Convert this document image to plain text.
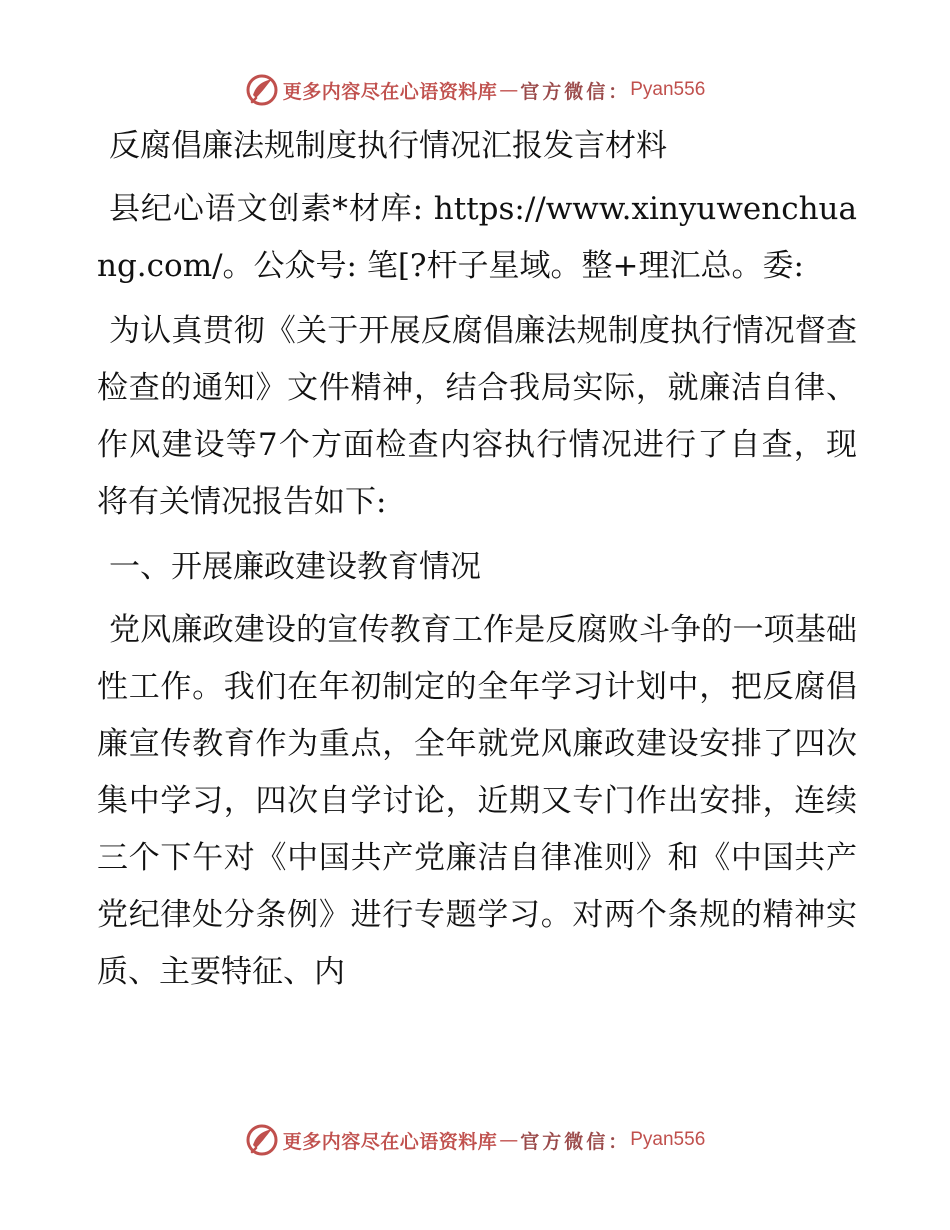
更多内容尽在心语资料库 — 官方微信： Pyan556

反腐倡廉法规制度执行情况汇报发言材料

县纪心语文创素*材库: https://www.xinyuwenchuang.com/。公众号: 笔[?杆子星域。整+理汇总。委:

为认真贯彻《关于开展反腐倡廉法规制度执行情况督查检查的通知》文件精神，结合我局实际，就廉洁自律、作风建设等7个方面检查内容执行情况进行了自查，现将有关情况报告如下:

一、开展廉政建设教育情况

党风廉政建设的宣传教育工作是反腐败斗争的一项基础性工作。我们在年初制定的全年学习计划中，把反腐倡廉宣传教育作为重点，全年就党风廉政建设安排了四次集中学习，四次自学讨论，近期又专门作出安排，连续三个下午对《中国共产党廉洁自律准则》和《中国共产党纪律处分条例》进行专题学习。对两个条规的精神实质、主要特征、内

更多内容尽在心语资料库 — 官方微信： Pyan556
